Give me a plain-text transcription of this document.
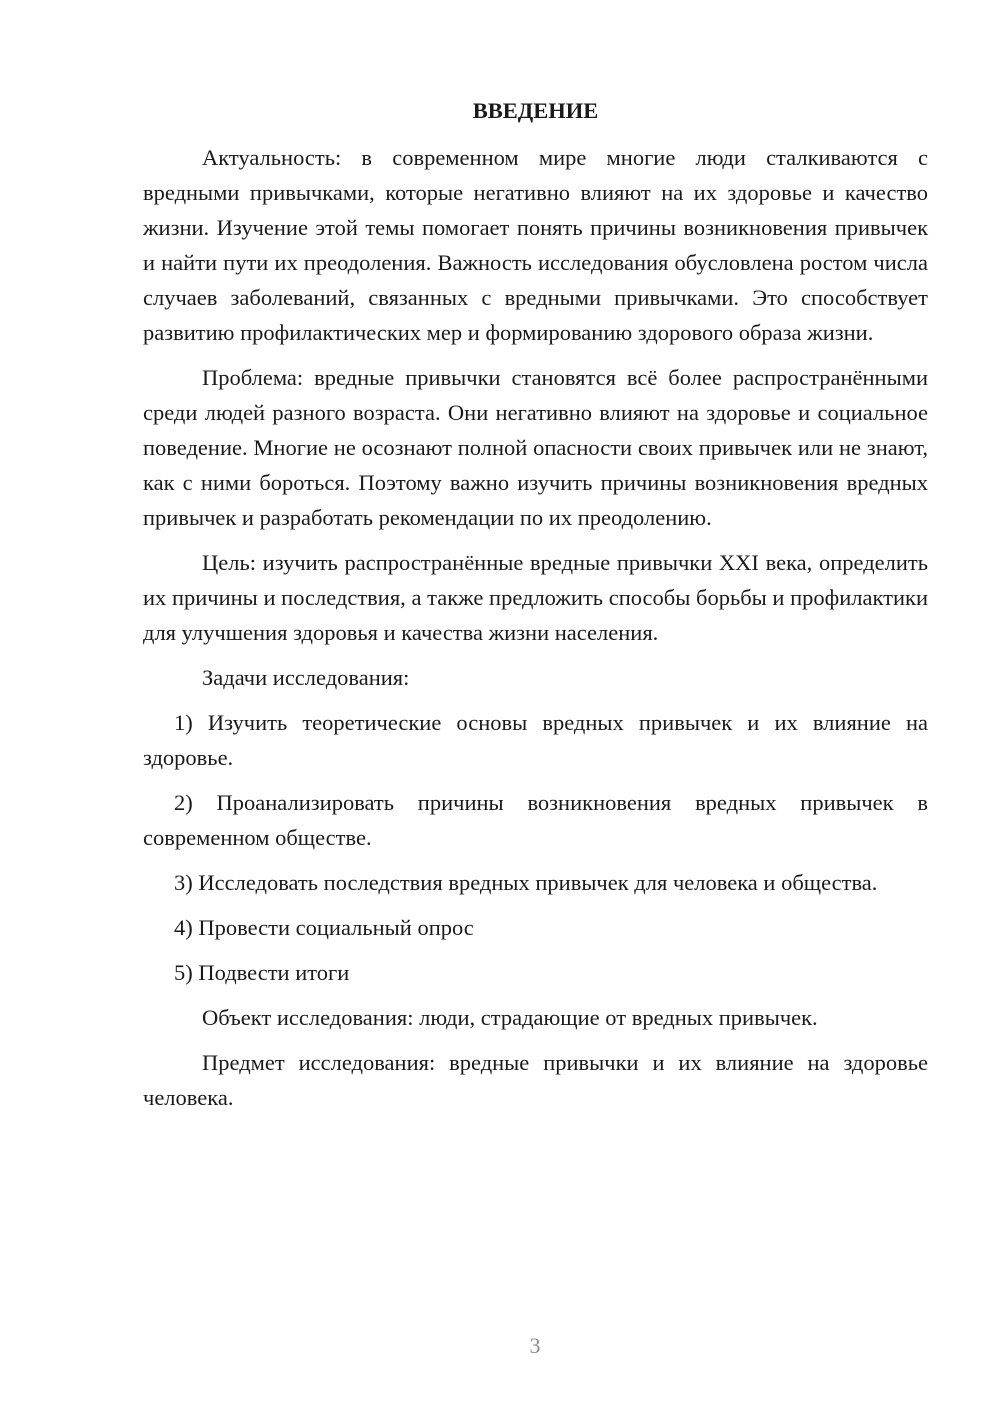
ВВЕДЕНИЕ

Актуальность: в современном мире многие люди сталкиваются с вредными привычками, которые негативно влияют на их здоровье и качество жизни. Изучение этой темы помогает понять причины возникновения привычек и найти пути их преодоления. Важность исследования обусловлена ростом числа случаев заболеваний, связанных с вредными привычками. Это способствует развитию профилактических мер и формированию здорового образа жизни.

Проблема: вредные привычки становятся всё более распространёнными среди людей разного возраста. Они негативно влияют на здоровье и социальное поведение. Многие не осознают полной опасности своих привычек или не знают, как с ними бороться. Поэтому важно изучить причины возникновения вредных привычек и разработать рекомендации по их преодолению.

Цель: изучить распространённые вредные привычки XXI века, определить их причины и последствия, а также предложить способы борьбы и профилактики для улучшения здоровья и качества жизни населения.

Задачи исследования:

1) Изучить теоретические основы вредных привычек и их влияние на здоровье.

2) Проанализировать причины возникновения вредных привычек в современном обществе.

3) Исследовать последствия вредных привычек для человека и общества.

4) Провести социальный опрос

5) Подвести итоги

Объект исследования: люди, страдающие от вредных привычек.

Предмет исследования: вредные привычки и их влияние на здоровье человека.

3
